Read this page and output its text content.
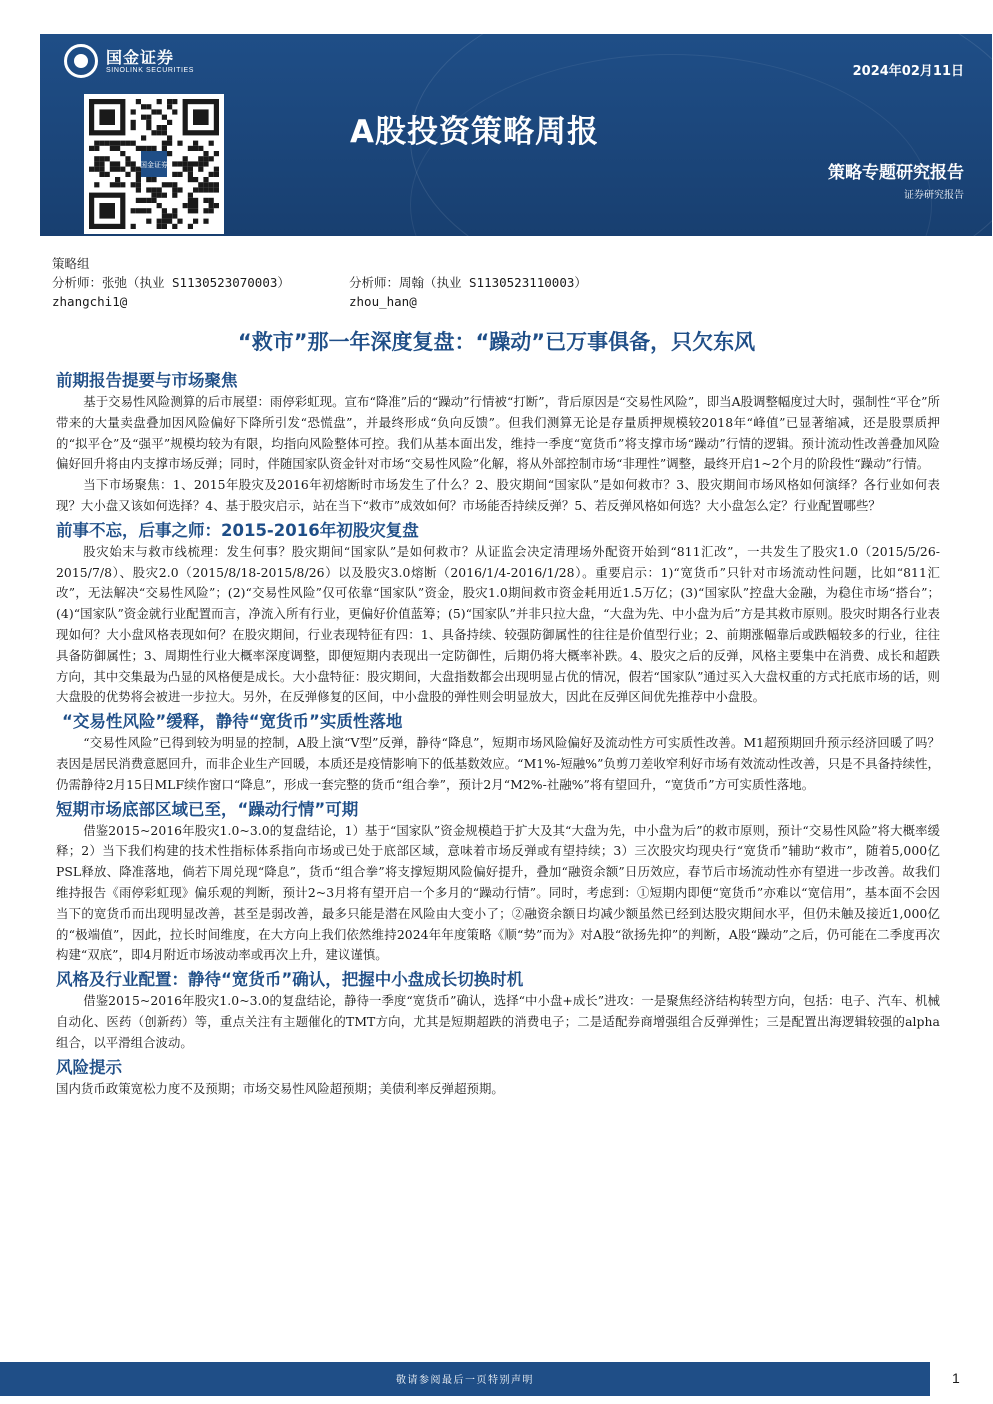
国金证券
SINOLINK SECURITIES
国金证券
2024年02月11日
A股投资策略周报
策略专题研究报告
证券研究报告
策略组
分析师：张弛（执业 S1130523070003）	分析师：周翰（执业 S1130523110003）
zhangchi1@	zhou_han@
“救市”那一年深度复盘：“躁动”已万事俱备，只欠东风
前期报告提要与市场聚焦

基于交易性风险测算的后市展望：雨停彩虹现。宣布“降准”后的“躁动”行情被“打断”，背后原因是“交易性风险”，即当A股调整幅度过大时，强制性“平仓”所带来的大量卖盘叠加因风险偏好下降所引发“恐慌盘”，并最终形成“负向反馈”。但我们测算无论是存量质押规模较2018年“峰值”已显著缩减，还是股票质押的“拟平仓”及“强平”规模均较为有限，均指向风险整体可控。我们从基本面出发，维持一季度“宽货币”将支撑市场“躁动”行情的逻辑。预计流动性改善叠加风险偏好回升将由内支撑市场反弹；同时，伴随国家队资金针对市场“交易性风险”化解，将从外部控制市场“非理性”调整，最终开启1~2个月的阶段性“躁动”行情。

当下市场聚焦：1、2015年股灾及2016年初熔断时市场发生了什么？2、股灾期间“国家队”是如何救市？3、股灾期间市场风格如何演绎？各行业如何表现？大小盘又该如何选择？4、基于股灾启示，站在当下“救市”成效如何？市场能否持续反弹？5、若反弹风格如何选？大小盘怎么定？行业配置哪些？

前事不忘，后事之师：2015-2016年初股灾复盘

股灾始末与救市线梳理：发生何事？股灾期间“国家队”是如何救市？从证监会决定清理场外配资开始到“811汇改”，一共发生了股灾1.0（2015/5/26-2015/7/8）、股灾2.0（2015/8/18-2015/8/26）以及股灾3.0熔断（2016/1/4-2016/1/28）。重要启示：1)“宽货币”只针对市场流动性问题，比如“811汇改”，无法解决“交易性风险”；(2)“交易性风险”仅可依靠“国家队”资金，股灾1.0期间救市资金耗用近1.5万亿；(3)“国家队”控盘大金融，为稳住市场“搭台”；(4)“国家队”资金就行业配置而言，净流入所有行业，更偏好价值蓝筹；(5)“国家队”并非只拉大盘，“大盘为先、中小盘为后”方是其救市原则。股灾时期各行业表现如何？大小盘风格表现如何？在股灾期间，行业表现特征有四：1、具备持续、较强防御属性的往往是价值型行业；2、前期涨幅靠后或跌幅较多的行业，往往具备防御属性；3、周期性行业大概率深度调整，即便短期内表现出一定防御性，后期仍将大概率补跌。4、股灾之后的反弹，风格主要集中在消费、成长和超跌方向，其中交集最为凸显的风格便是成长。大小盘特征：股灾期间，大盘指数都会出现明显占优的情况，假若“国家队”通过买入大盘权重的方式托底市场的话，则大盘股的优势将会被进一步拉大。另外，在反弹修复的区间，中小盘股的弹性则会明显放大，因此在反弹区间优先推荐中小盘股。

“交易性风险”缓释，静待“宽货币”实质性落地

“交易性风险”已得到较为明显的控制，A股上演“V型”反弹，静待“降息”，短期市场风险偏好及流动性方可实质性改善。M1超预期回升预示经济回暖了吗？表因是居民消费意愿回升，而非企业生产回暖，本质还是疫情影响下的低基数效应。“M1%-短融%”负剪刀差收窄利好市场有效流动性改善，只是不具备持续性，仍需静待2月15日MLF续作窗口“降息”，形成一套完整的货币“组合拳”，预计2月“M2%-社融%”将有望回升，“宽货币”方可实质性落地。

短期市场底部区域已至，“躁动行情”可期

借鉴2015~2016年股灾1.0~3.0的复盘结论，1）基于“国家队”资金规模趋于扩大及其“大盘为先，中小盘为后”的救市原则，预计“交易性风险”将大概率缓释；2）当下我们构建的技术性指标体系指向市场或已处于底部区域，意味着市场反弹或有望持续；3）三次股灾均现央行“宽货币”辅助“救市”，随着5,000亿PSL释放、降准落地，倘若下周兑现“降息”，货币“组合拳”将支撑短期风险偏好提升，叠加“融资余额”日历效应，春节后市场流动性亦有望进一步改善。故我们维持报告《雨停彩虹现》偏乐观的判断，预计2~3月将有望开启一个多月的“躁动行情”。同时，考虑到：①短期内即便“宽货币”亦难以“宽信用”，基本面不会因当下的宽货币而出现明显改善，甚至是弱改善，最多只能是潜在风险由大变小了；②融资余额日均减少额虽然已经到达股灾期间水平，但仍未触及接近1,000亿的“极端值”，因此，拉长时间维度，在大方向上我们依然维持2024年年度策略《顺“势”而为》对A股“欲扬先抑”的判断，A股“躁动”之后，仍可能在二季度再次构建“双底”，即4月附近市场波动率或再次上升，建议谨慎。

风格及行业配置：静待“宽货币”确认，把握中小盘成长切换时机

借鉴2015~2016年股灾1.0~3.0的复盘结论，静待一季度“宽货币”确认，选择“中小盘+成长”进攻：一是聚焦经济结构转型方向，包括：电子、汽车、机械自动化、医药（创新药）等，重点关注有主题催化的TMT方向，尤其是短期超跌的消费电子；二是适配券商增强组合反弹弹性；三是配置出海逻辑较强的alpha组合，以平滑组合波动。

风险提示

国内货币政策宽松力度不及预期；市场交易性风险超预期；美债利率反弹超预期。

敬请参阅最后一页特别声明	1
